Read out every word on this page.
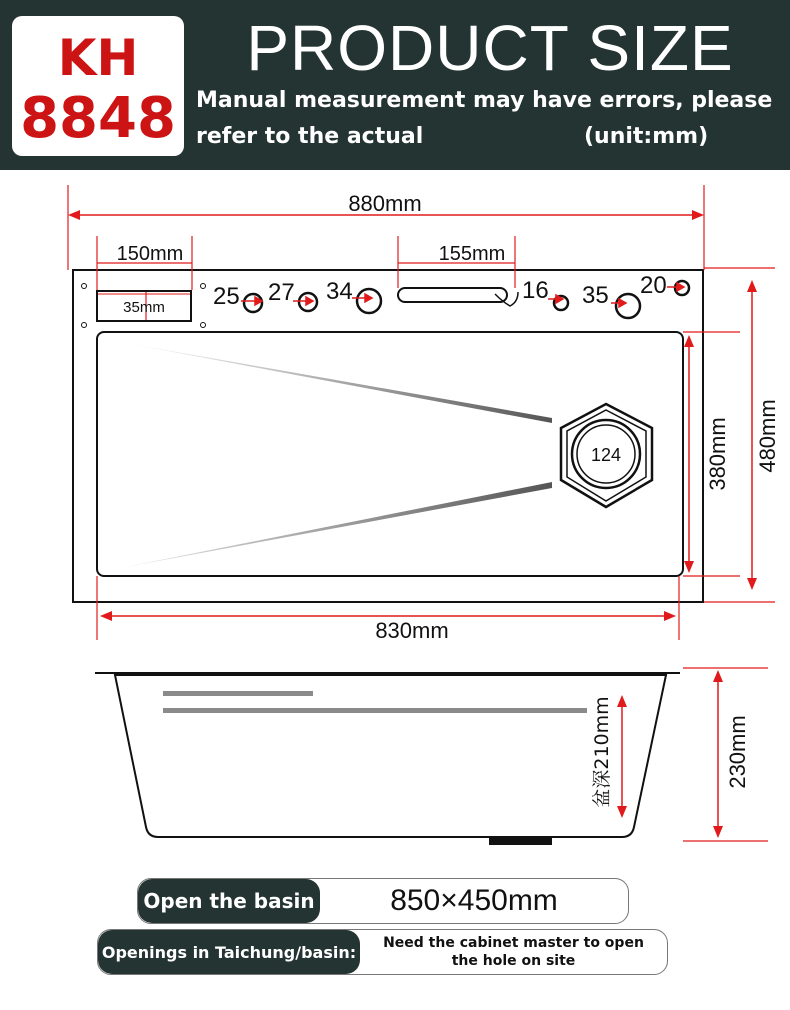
KH
8848
PRODUCT SIZE
Manual measurement may have errors, please
refer to the actual	(unit:mm)
35mm
150mm
25 27 34	16 35 20
155mm
124
880mm
830mm
380mm 480mm
盆深210mm	230mm
Open the basin	850×450mm
Openings in Taichung/basin: Need the cabinet master to open
the hole on site
